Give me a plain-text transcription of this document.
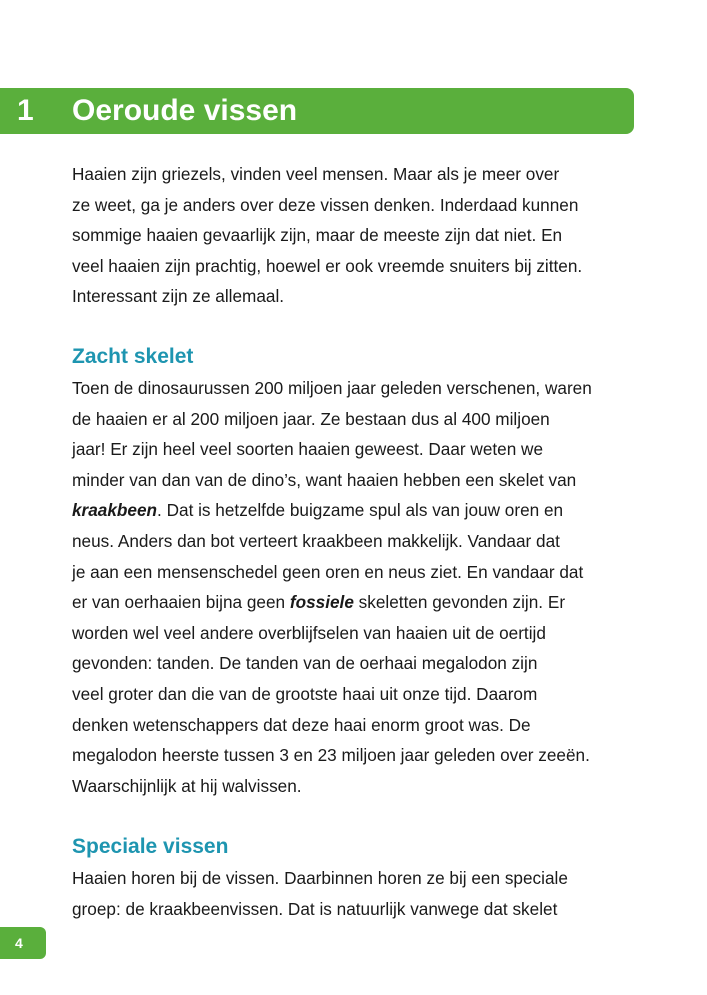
1 Oeroude vissen
Haaien zijn griezels, vinden veel mensen. Maar als je meer over
ze weet, ga je anders over deze vissen denken. Inderdaad kunnen
sommige haaien gevaarlijk zijn, maar de meeste zijn dat niet. En
veel haaien zijn prachtig, hoewel er ook vreemde snuiters bij zitten.
Interessant zijn ze allemaal.
Zacht skelet
Toen de dinosaurussen 200 miljoen jaar geleden verschenen, waren
de haaien er al 200 miljoen jaar. Ze bestaan dus al 400 miljoen
jaar! Er zijn heel veel soorten haaien geweest. Daar weten we
minder van dan van de dino’s, want haaien hebben een skelet van
kraakbeen. Dat is hetzelfde buigzame spul als van jouw oren en
neus. Anders dan bot verteert kraakbeen makkelijk. Vandaar dat
je aan een mensenschedel geen oren en neus ziet. En vandaar dat
er van oerhaaien bijna geen fossiele skeletten gevonden zijn. Er
worden wel veel andere overblijfselen van haaien uit de oertijd
gevonden: tanden. De tanden van de oerhaai megalodon zijn
veel groter dan die van de grootste haai uit onze tijd. Daarom
denken wetenschappers dat deze haai enorm groot was. De
megalodon heerste tussen 3 en 23 miljoen jaar geleden over zeeën.
Waarschijnlijk at hij walvissen.
Speciale vissen
Haaien horen bij de vissen. Daarbinnen horen ze bij een speciale
groep: de kraakbeenvissen. Dat is natuurlijk vanwege dat skelet
4
